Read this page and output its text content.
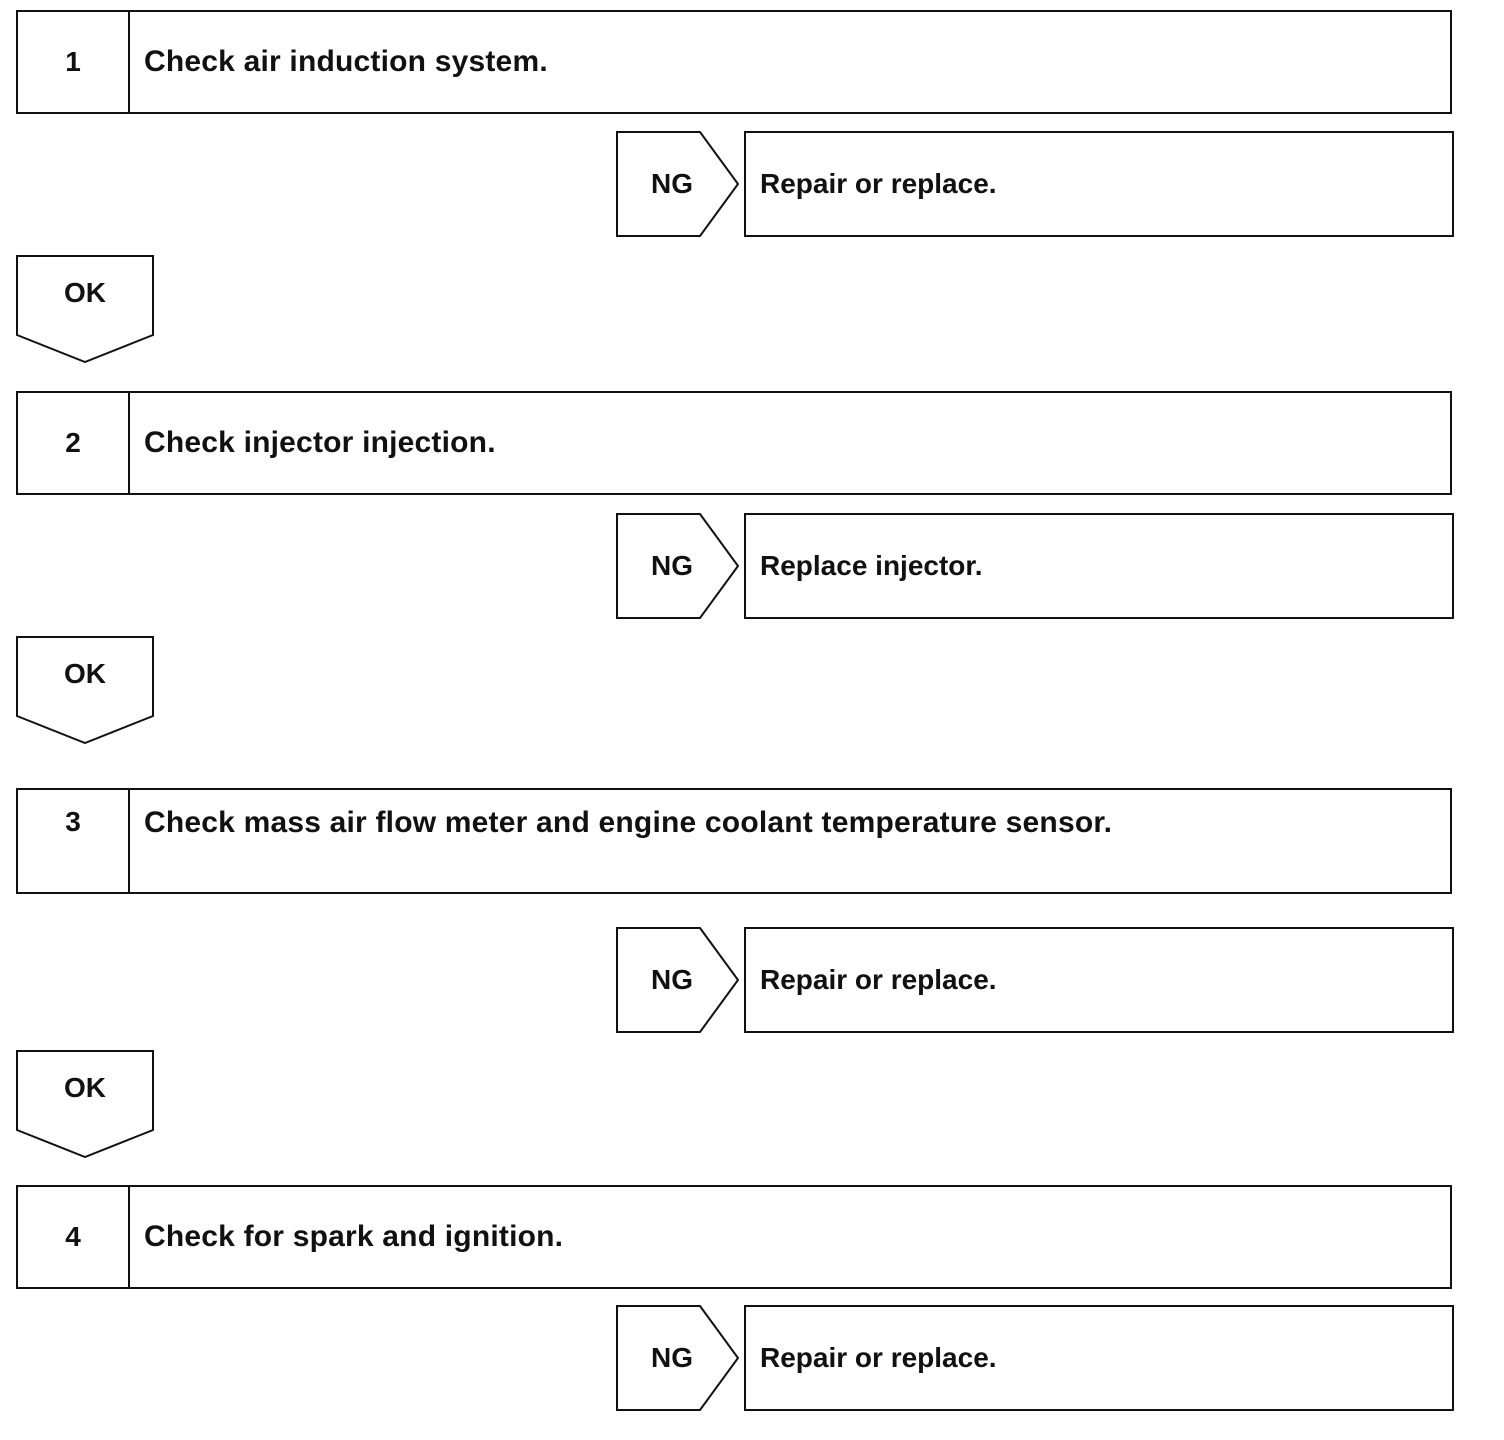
1	Check air induction system.
NG	Repair or replace.
OK
2	Check injector injection.
NG	Replace injector.
OK
3	Check mass air flow meter and engine coolant temperature sensor.
NG	Repair or replace.
OK
4	Check for spark and ignition.
NG	Repair or replace.
